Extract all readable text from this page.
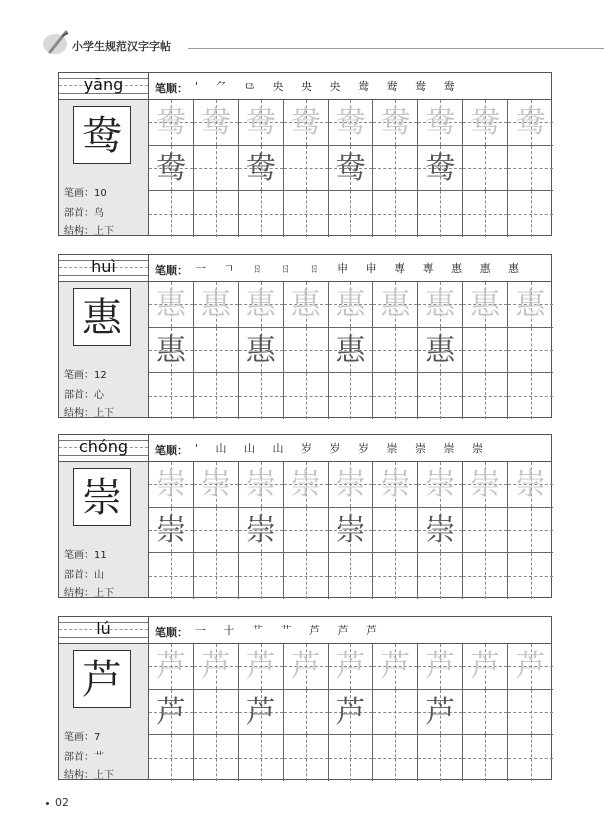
小学生规范汉字字帖
yāng	笔顺： ' ⺈ ⺋ 央 央 央 鸯 鸯 鸯 鸯
鸯
笔画：10
部首：鸟
结构：上下
鸯 鸯 鸯 鸯 鸯 鸯 鸯 鸯 鸯
鸯 鸯 鸯 鸯
huì	笔顺： 一 ㄱ ㄖ ㄖ ㄖ 申 申 專 專 惠 惠 惠
惠
笔画：12
部首：心
结构：上下
惠 惠 惠 惠 惠 惠 惠 惠 惠
惠 惠 惠 惠
chóng	笔顺： ' 山 山 山 岁 岁 岁 崇 崇 崇 崇
崇
笔画：11
部首：山
结构：上下
崇 崇 崇 崇 崇 崇 崇 崇 崇
崇 崇 崇 崇
lú	笔顺： 一 十 艹 艹 芦 芦 芦
芦
笔画：7
部首：艹
结构：上下
芦 芦 芦 芦 芦 芦 芦 芦 芦
芦 芦 芦 芦
02
